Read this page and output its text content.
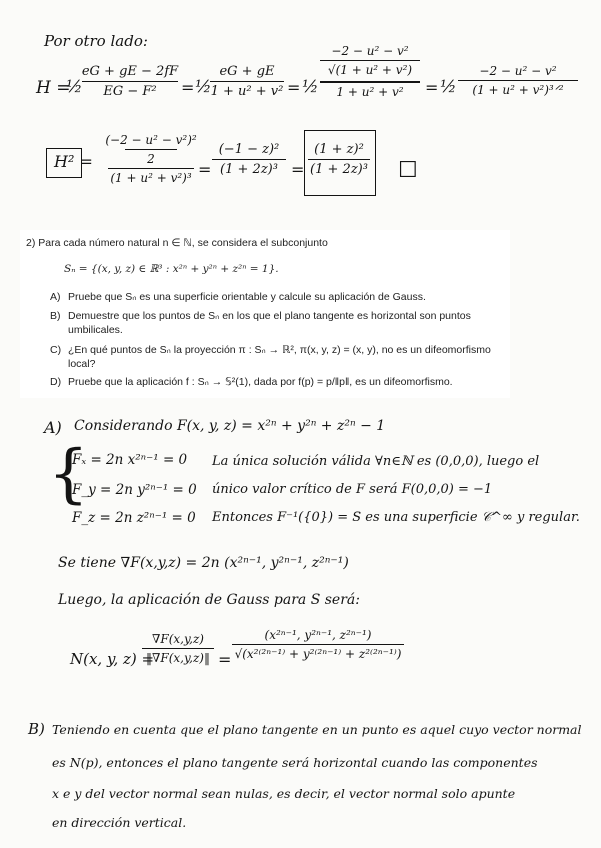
Por otro lado:
H =
½
eG + gE − 2fF
EG − F² = ½
eG + gE
1 + u² + v² = ½
−2 − u² − v²
√(1 + u² + v²)
1 + u² + v² = ½
−2 − u² − v²
(1 + u² + v²)³ᐟ²
H² =
(−2 − u² − v²)²
2
(1 + u² + v²)³ =
(−1 − z)²
(1 + 2z)³ =
(1 + z)²
(1 + 2z)³ ☐
2) Para cada número natural n ∈ ℕ, se considera el subconjunto
Sₙ = {(x, y, z) ∈ ℝ³ : x²ⁿ + y²ⁿ + z²ⁿ = 1}.
A) Pruebe que Sₙ es una superficie orientable y calcule su aplicación de Gauss.
B) Demuestre que los puntos de Sₙ en los que el plano tangente es horizontal son puntos
umbilicales.
C) ¿En qué puntos de Sₙ la proyección π : Sₙ → ℝ², π(x, y, z) = (x, y), no es un difeomorfismo
local?
D) Pruebe que la aplicación f : Sₙ → 𝕊²(1), dada por f(p) = p/‖p‖, es un difeomorfismo.
A) Considerando F(x, y, z) = x²ⁿ + y²ⁿ + z²ⁿ − 1
{
Fₓ = 2n x²ⁿ⁻¹ = 0
F_y = 2n y²ⁿ⁻¹ = 0
F_z = 2n z²ⁿ⁻¹ = 0
La única solución válida ∀n∈ℕ es (0,0,0), luego el
único valor crítico de F será F(0,0,0) = −1
Entonces F⁻¹({0}) = S es una superficie 𝒞^∞ y regular.
Se tiene ∇F(x,y,z) = 2n (x²ⁿ⁻¹, y²ⁿ⁻¹, z²ⁿ⁻¹)
Luego, la aplicación de Gauss para S será:
N(x, y, z) =
∇F(x,y,z)
‖∇F(x,y,z)‖ =
(x²ⁿ⁻¹, y²ⁿ⁻¹, z²ⁿ⁻¹)
√(x²⁽²ⁿ⁻¹⁾ + y²⁽²ⁿ⁻¹⁾ + z²⁽²ⁿ⁻¹⁾)
B) Teniendo en cuenta que el plano tangente en un punto es aquel cuyo vector normal
es N(p), entonces el plano tangente será horizontal cuando las componentes
x e y del vector normal sean nulas, es decir, el vector normal solo apunte
en dirección vertical.
